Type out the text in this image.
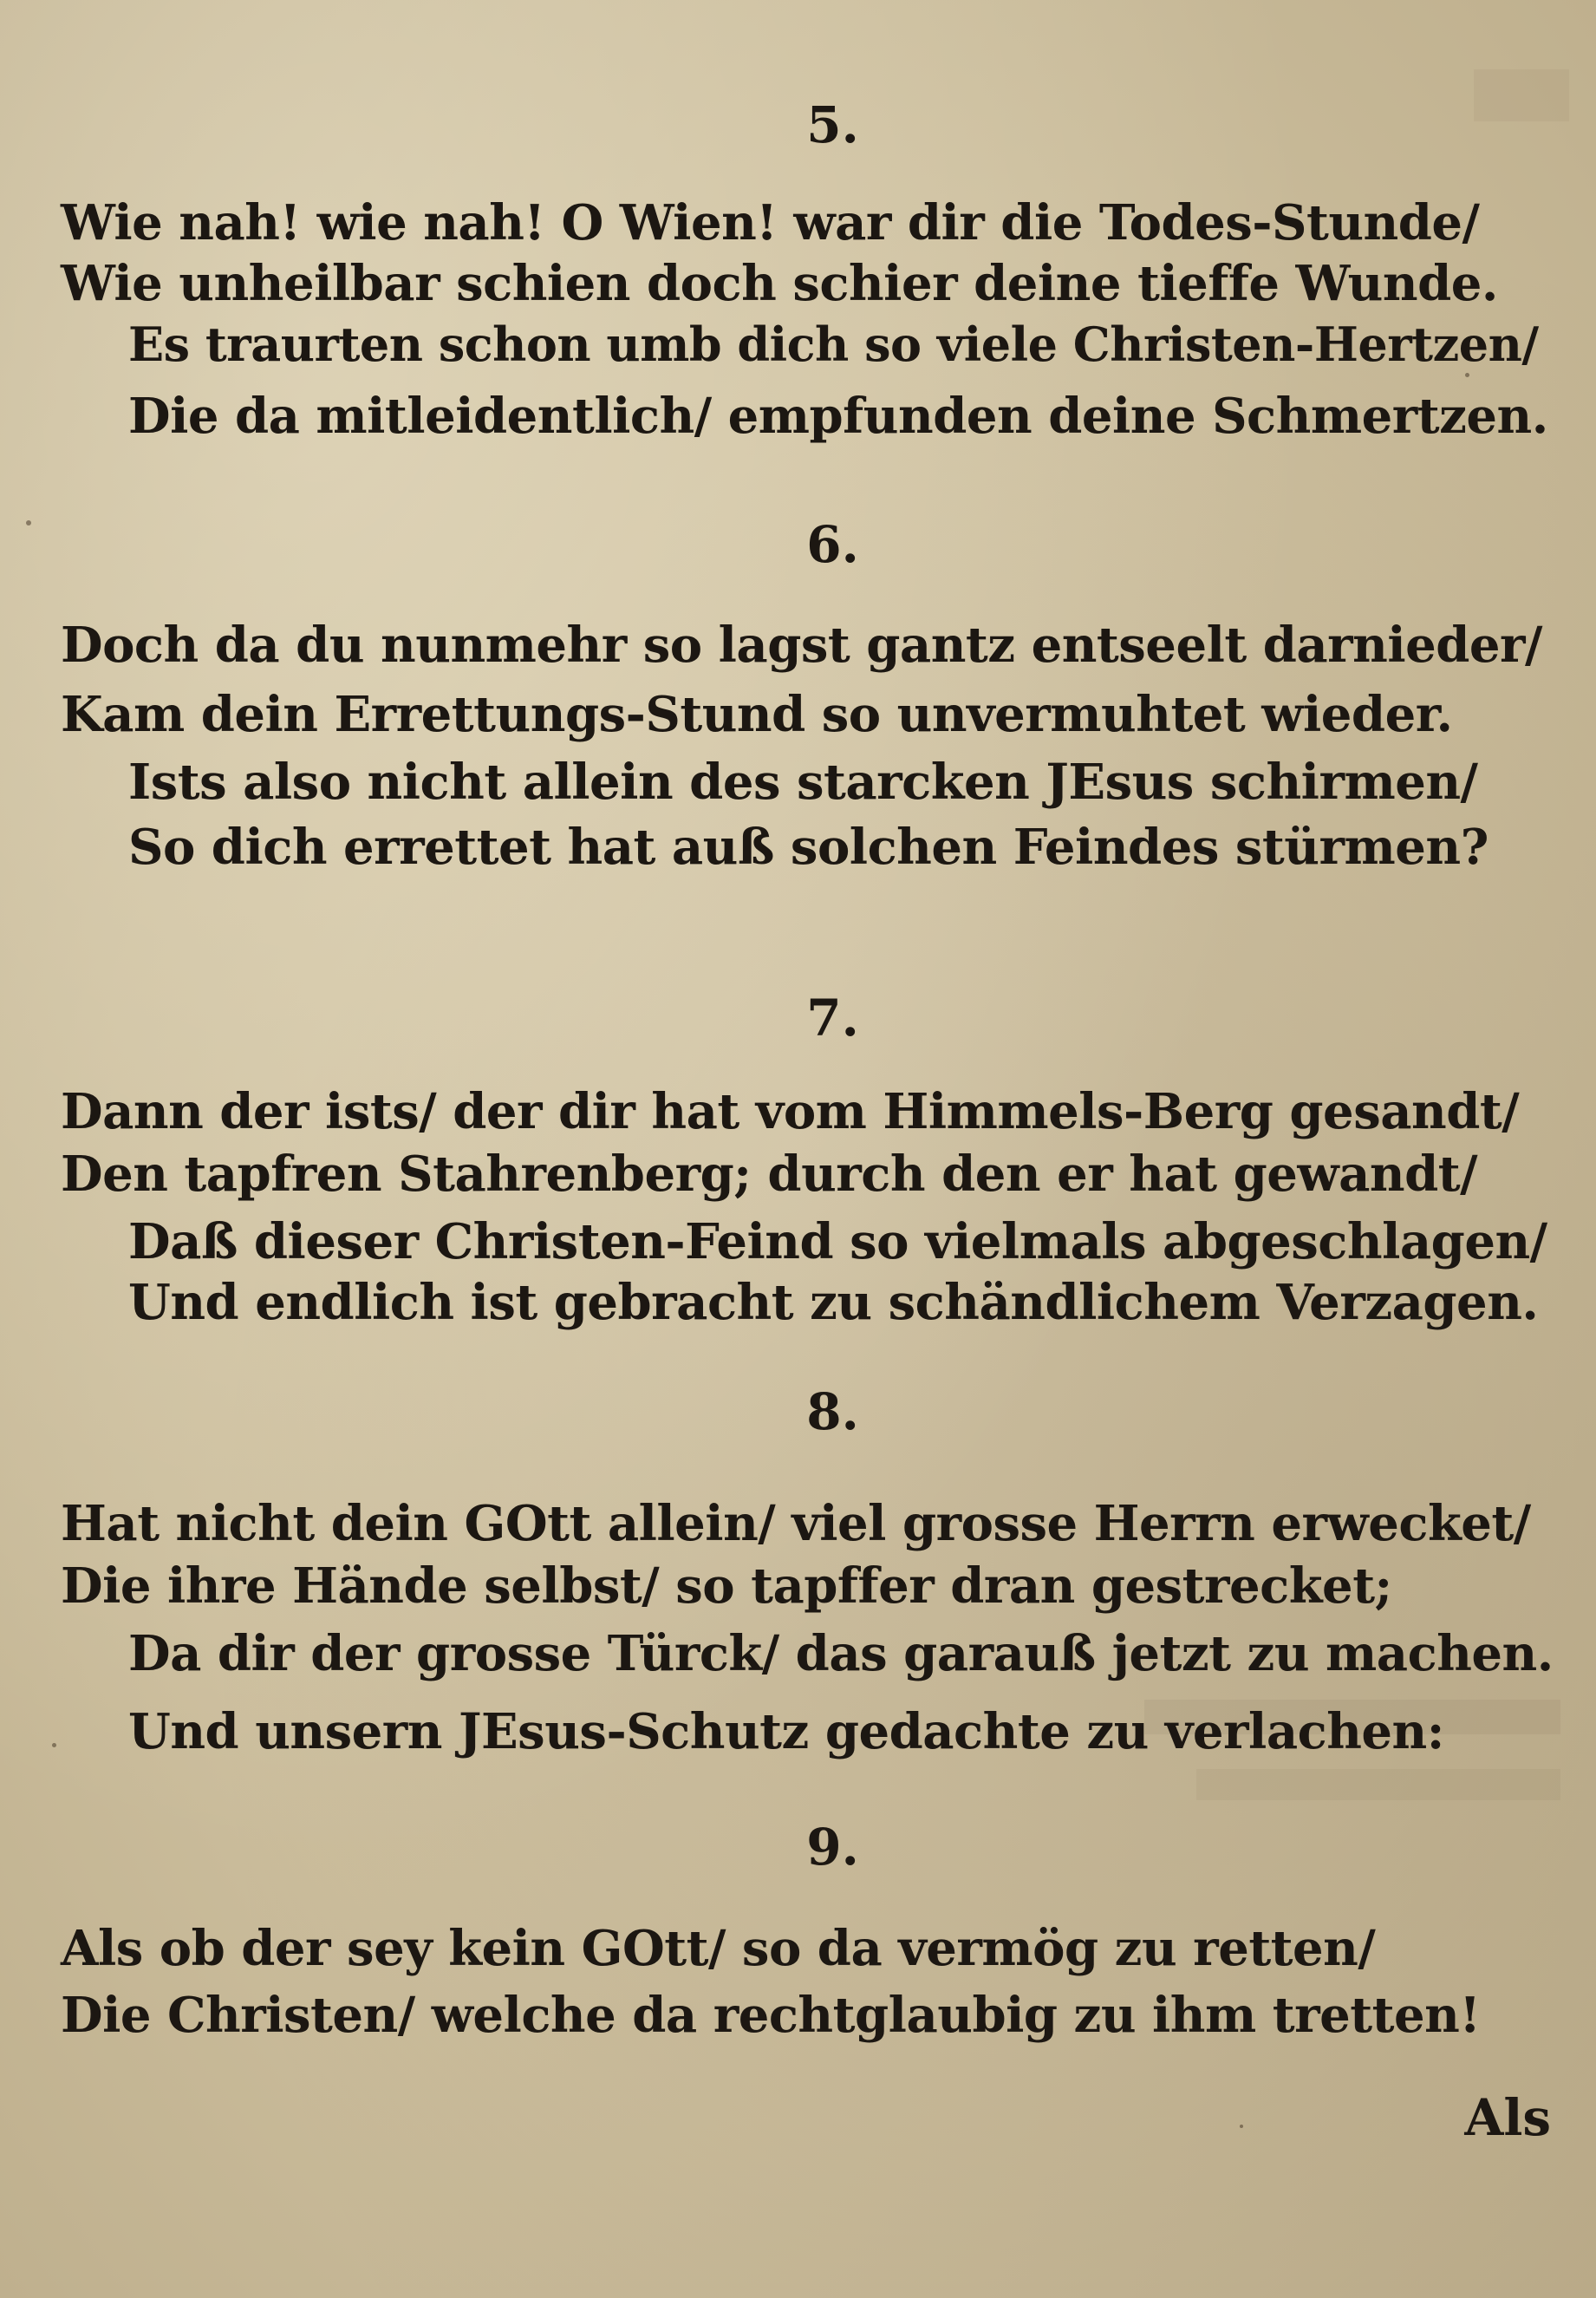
5.
Wie nah! wie nah! O Wien! war dir die Todes-Stunde/
Wie unheilbar schien doch schier deine tieffe Wunde.
Es traurten schon umb dich so viele Christen-Hertzen/
Die da mitleidentlich/ empfunden deine Schmertzen.
6.
Doch da du nunmehr so lagst gantz entseelt darnieder/
Kam dein Errettungs-Stund so unvermuhtet wieder.
Ists also nicht allein des starcken JEsus schirmen/
So dich errettet hat auß solchen Feindes stürmen?
7.
Dann der ists/ der dir hat vom Himmels-Berg gesandt/
Den tapfren Stahrenberg; durch den er hat gewandt/
Daß dieser Christen-Feind so vielmals abgeschlagen/
Und endlich ist gebracht zu schändlichem Verzagen.
8.
Hat nicht dein GOtt allein/ viel grosse Herrn erwecket/
Die ihre Hände selbst/ so tapffer dran gestrecket;
Da dir der grosse Türck/ das garauß jetzt zu machen.
Und unsern JEsus-Schutz gedachte zu verlachen:
9.
Als ob der sey kein GOtt/ so da vermög zu retten/
Die Christen/ welche da rechtglaubig zu ihm tretten!
Als
